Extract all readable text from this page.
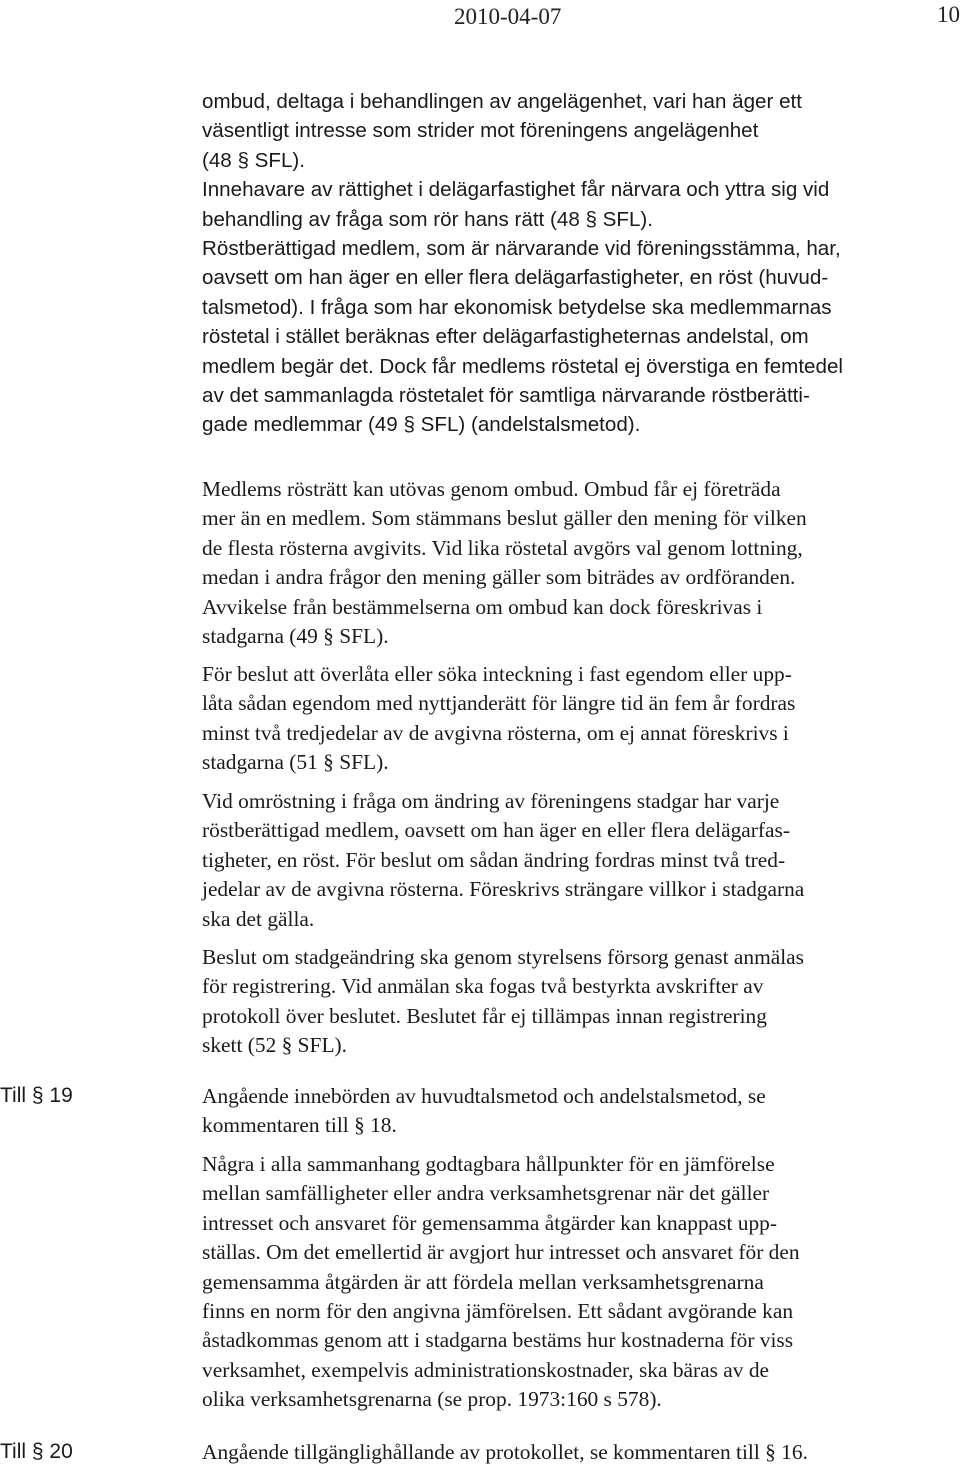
2010-04-07	10

ombud, deltaga i behandlingen av angelägenhet, vari han äger ett

väsentligt intresse som strider mot föreningens angelägenhet

(48 § SFL).

Innehavare av rättighet i delägarfastighet får närvara och yttra sig vid

behandling av fråga som rör hans rätt (48 § SFL).

Röstberättigad medlem, som är närvarande vid föreningsstämma, har,

oavsett om han äger en eller flera delägarfastigheter, en röst (huvud-

talsmetod). I fråga som har ekonomisk betydelse ska medlemmarnas

röstetal i stället beräknas efter delägarfastigheternas andelstal, om

medlem begär det. Dock får medlems röstetal ej överstiga en femtedel

av det sammanlagda röstetalet för samtliga närvarande röstberätti-

gade medlemmar (49 § SFL) (andelstalsmetod).

Medlems rösträtt kan utövas genom ombud. Ombud får ej företräda

mer än en medlem. Som stämmans beslut gäller den mening för vilken

de flesta rösterna avgivits. Vid lika röstetal avgörs val genom lottning,

medan i andra frågor den mening gäller som biträdes av ordföranden.

Avvikelse från bestämmelserna om ombud kan dock föreskrivas i

stadgarna (49 § SFL).

För beslut att överlåta eller söka inteckning i fast egendom eller upp-

låta sådan egendom med nyttjanderätt för längre tid än fem år fordras

minst två tredjedelar av de avgivna rösterna, om ej annat föreskrivs i

stadgarna (51 § SFL).

Vid omröstning i fråga om ändring av föreningens stadgar har varje

röstberättigad medlem, oavsett om han äger en eller flera delägarfas-

tigheter, en röst. För beslut om sådan ändring fordras minst två tred-

jedelar av de avgivna rösterna. Föreskrivs strängare villkor i stadgarna

ska det gälla.

Beslut om stadgeändring ska genom styrelsens försorg genast anmälas

för registrering. Vid anmälan ska fogas två bestyrkta avskrifter av

protokoll över beslutet. Beslutet får ej tillämpas innan registrering

skett (52 § SFL).

Till § 19	Angående innebörden av huvudtalsmetod och andelstalsmetod, se

kommentaren till § 18.

Några i alla sammanhang godtagbara hållpunkter för en jämförelse

mellan samfälligheter eller andra verksamhetsgrenar när det gäller

intresset och ansvaret för gemensamma åtgärder kan knappast upp-

ställas. Om det emellertid är avgjort hur intresset och ansvaret för den

gemensamma åtgärden är att fördela mellan verksamhetsgrenarna

finns en norm för den angivna jämförelsen. Ett sådant avgörande kan

åstadkommas genom att i stadgarna bestäms hur kostnaderna för viss

verksamhet, exempelvis administrationskostnader, ska bäras av de

olika verksamhetsgrenarna (se prop. 1973:160 s 578).

Till § 20	Angående tillgänglighållande av protokollet, se kommentaren till § 16.
